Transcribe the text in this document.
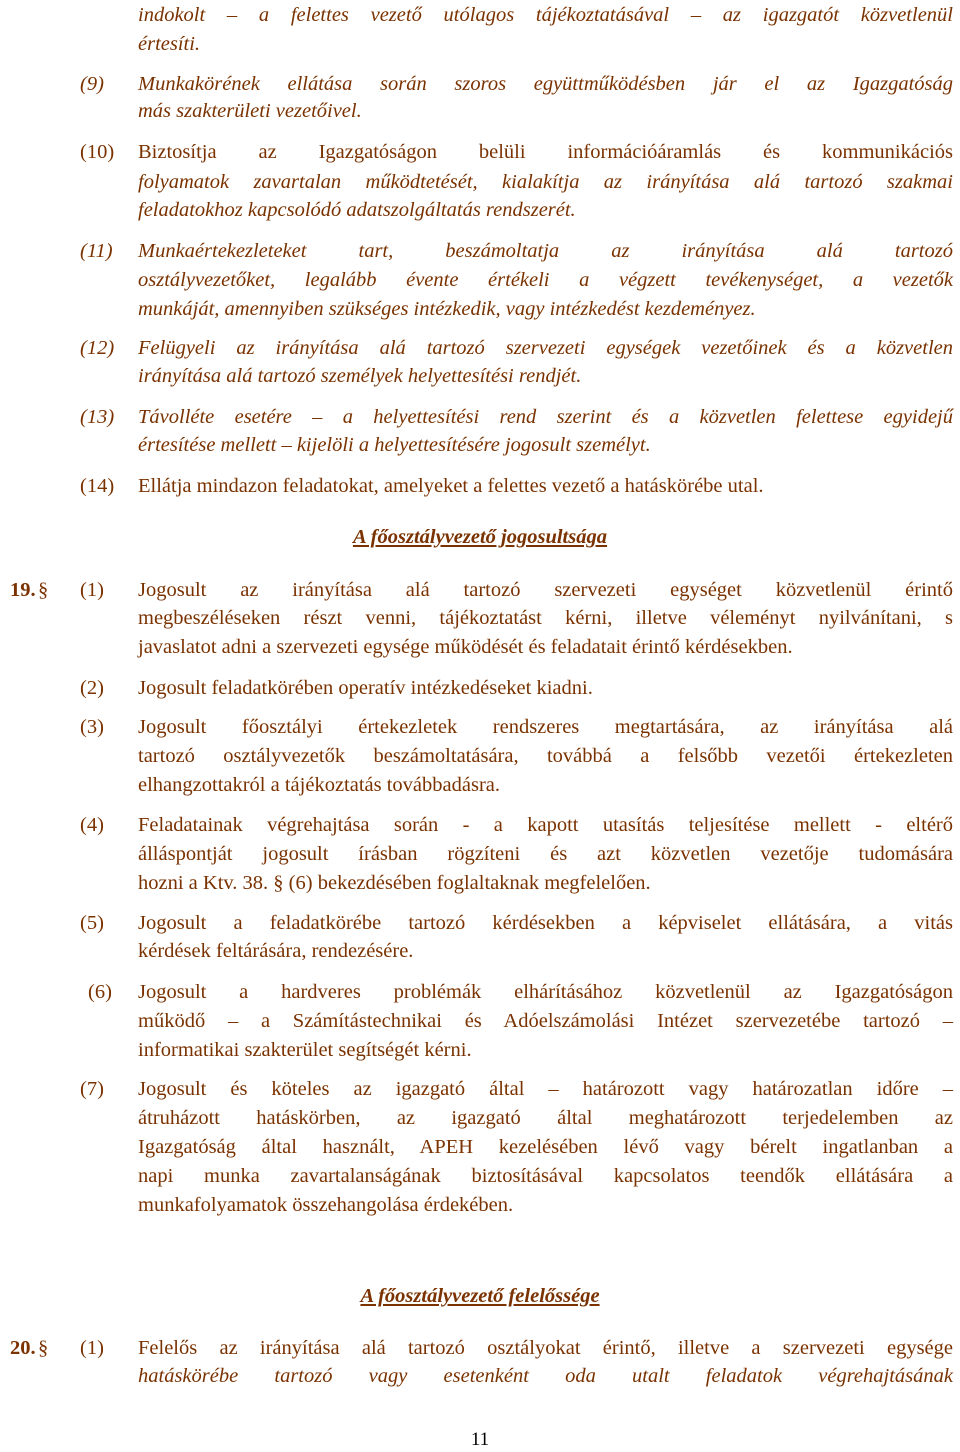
indokolt – a felettes vezető utólagos tájékoztatásával – az igazgatót közvetlenül
értesíti.
(9) Munkakörének ellátása során szoros együttműködésben jár el az Igazgatóság
más szakterületi vezetőivel.
(10) Biztosítja az Igazgatóságon belüli információáramlás és kommunikációs
folyamatok zavartalan működtetését, kialakítja az irányítása alá tartozó szakmai
feladatokhoz kapcsolódó adatszolgáltatás rendszerét.
(11) Munkaértekezleteket tart, beszámoltatja az irányítása alá tartozó
osztályvezetőket, legalább évente értékeli a végzett tevékenységet, a vezetők
munkáját, amennyiben szükséges intézkedik, vagy intézkedést kezdeményez.
(12) Felügyeli az irányítása alá tartozó szervezeti egységek vezetőinek és a közvetlen
irányítása alá tartozó személyek helyettesítési rendjét.
(13) Távolléte esetére – a helyettesítési rend szerint és a közvetlen felettese egyidejű
értesítése mellett – kijelöli a helyettesítésére jogosult személyt.
(14) Ellátja mindazon feladatokat, amelyeket a felettes vezető a hatáskörébe utal.
A főosztályvezető jogosultsága
19. § (1) Jogosult az irányítása alá tartozó szervezeti egységet közvetlenül érintő
megbeszéléseken részt venni, tájékoztatást kérni, illetve véleményt nyilvánítani, s
javaslatot adni a szervezeti egysége működését és feladatait érintő kérdésekben.
(2) Jogosult feladatkörében operatív intézkedéseket kiadni.
(3) Jogosult főosztályi értekezletek rendszeres megtartására, az irányítása alá
tartozó osztályvezetők beszámoltatására, továbbá a felsőbb vezetői értekezleten
elhangzottakról a tájékoztatás továbbadásra.
(4) Feladatainak végrehajtása során - a kapott utasítás teljesítése mellett - eltérő
álláspontját jogosult írásban rögzíteni és azt közvetlen vezetője tudomására
hozni a Ktv. 38. § (6) bekezdésében foglaltaknak megfelelően.
(5) Jogosult a feladatkörébe tartozó kérdésekben a képviselet ellátására, a vitás
kérdések feltárására, rendezésére.
(6) Jogosult a hardveres problémák elhárításához közvetlenül az Igazgatóságon
működő – a Számítástechnikai és Adóelszámolási Intézet szervezetébe tartozó –
informatikai szakterület segítségét kérni.
(7) Jogosult és köteles az igazgató által – határozott vagy határozatlan időre –
átruházott hatáskörben, az igazgató által meghatározott terjedelemben az
Igazgatóság által használt, APEH kezelésében lévő vagy bérelt ingatlanban a
napi munka zavartalanságának biztosításával kapcsolatos teendők ellátására a
munkafolyamatok összehangolása érdekében.
A főosztályvezető felelőssége
20. § (1) Felelős az irányítása alá tartozó osztályokat érintő, illetve a szervezeti egysége
hatáskörébe tartozó vagy esetenként oda utalt feladatok végrehajtásának
11
